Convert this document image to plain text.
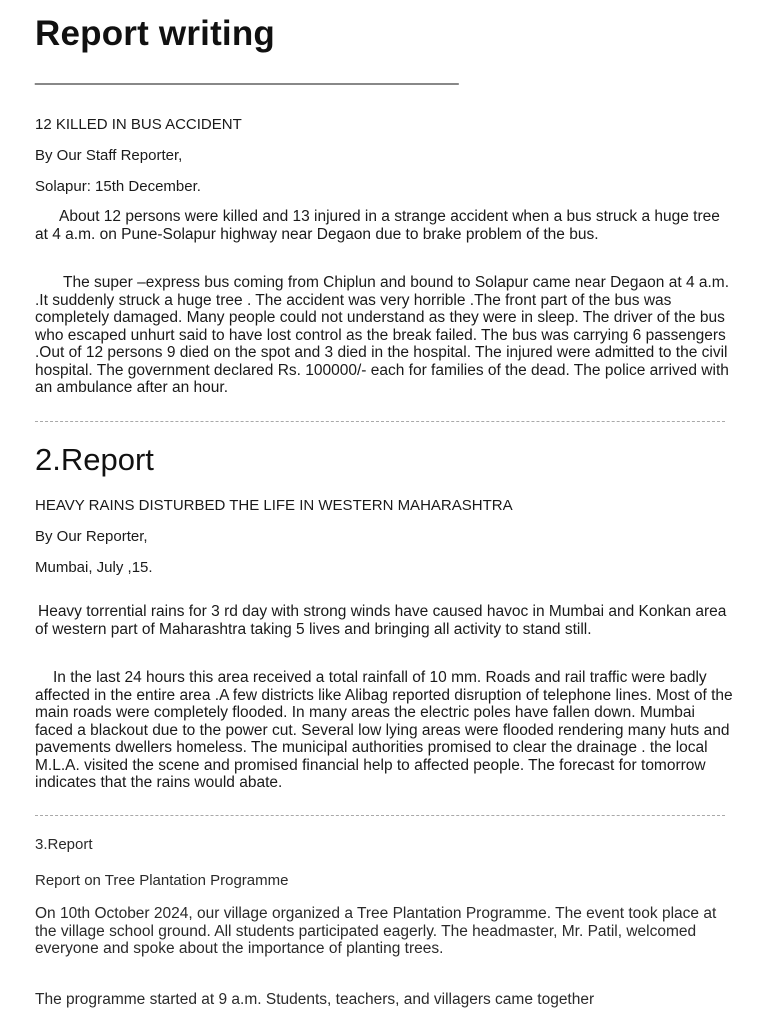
Report writing
_____________________________
12 KILLED IN BUS ACCIDENT
By Our Staff Reporter,
Solapur: 15th December.

About 12 persons were killed and 13 injured in a strange accident when a bus struck a huge tree at 4 a.m. on Pune-Solapur highway near Degaon due to brake problem of the bus.

The super –express bus coming from Chiplun and bound to Solapur came near Degaon at 4 a.m. .It suddenly struck a huge tree . The accident was very horrible .The front part of the bus was completely damaged. Many people could not understand as they were in sleep. The driver of the bus who escaped unhurt said to have lost control as the break failed. The bus was carrying 6 passengers .Out of 12 persons 9 died on the spot and 3 died in the hospital. The injured were admitted to the civil hospital. The government declared Rs. 100000/- each for families of the dead. The police arrived with an ambulance after an hour.

2.Report
HEAVY RAINS DISTURBED THE LIFE IN WESTERN MAHARASHTRA
By Our Reporter,
Mumbai, July ,15.

Heavy torrential rains for 3 rd day with strong winds have caused havoc in Mumbai and Konkan area of western part of Maharashtra taking 5 lives and bringing all activity to stand still.

In the last 24 hours this area received a total rainfall of 10 mm. Roads and rail traffic were badly affected in the entire area .A few districts like Alibag reported disruption of telephone lines. Most of the main roads were completely flooded. In many areas the electric poles have fallen down. Mumbai faced a blackout due to the power cut. Several low lying areas were flooded rendering many huts and pavements dwellers homeless. The municipal authorities promised to clear the drainage . the local M.L.A. visited the scene and promised financial help to affected people. The forecast for tomorrow indicates that the rains would abate.

3.Report
Report on Tree Plantation Programme

On 10th October 2024, our village organized a Tree Plantation Programme. The event took place at the village school ground. All students participated eagerly. The headmaster, Mr. Patil, welcomed everyone and spoke about the importance of planting trees.

The programme started at 9 a.m. Students, teachers, and villagers came together
